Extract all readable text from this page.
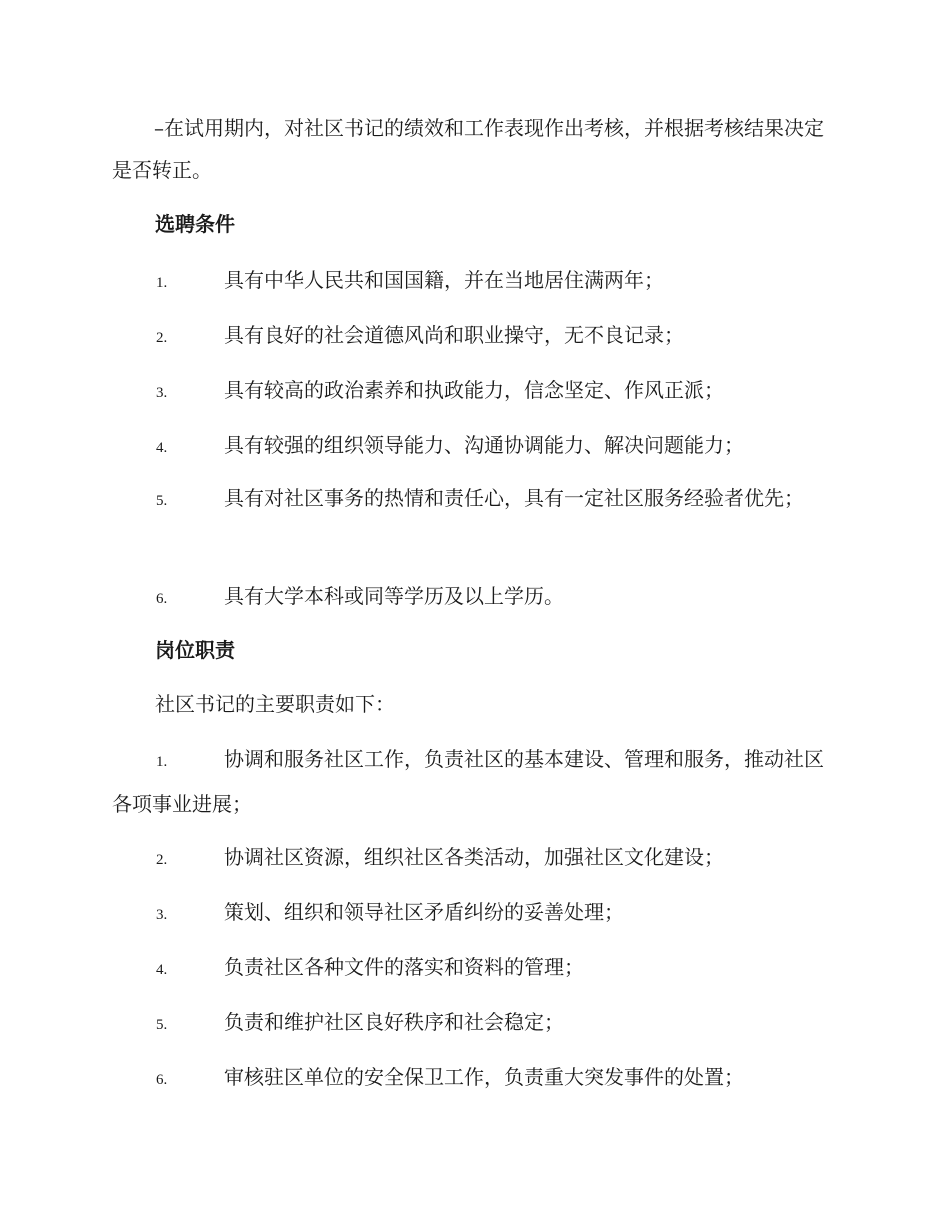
–在试用期内，对社区书记的绩效和工作表现作出考核，并根据考核结果决定是否转正。

选聘条件

1.	具有中华人民共和国国籍，并在当地居住满两年；

2.	具有良好的社会道德风尚和职业操守，无不良记录；

3.	具有较高的政治素养和执政能力，信念坚定、作风正派；

4.	具有较强的组织领导能力、沟通协调能力、解决问题能力；

5.	具有对社区事务的热情和责任心，具有一定社区服务经验者优先；

6.	具有大学本科或同等学历及以上学历。

岗位职责

社区书记的主要职责如下：

1.	协调和服务社区工作，负责社区的基本建设、管理和服务，推动社区各项事业进展；

2.	协调社区资源，组织社区各类活动，加强社区文化建设；

3.	策划、组织和领导社区矛盾纠纷的妥善处理；

4.	负责社区各种文件的落实和资料的管理；

5.	负责和维护社区良好秩序和社会稳定；

6.	审核驻区单位的安全保卫工作，负责重大突发事件的处置；
